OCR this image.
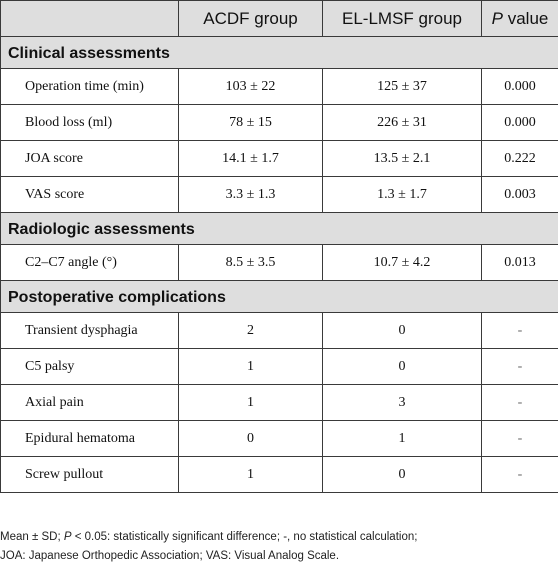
	ACDF group	EL-LMSF group	P value
Clinical assessments			
Operation time (min)	103 ± 22	125 ± 37	0.000
Blood loss (ml)	78 ± 15	226 ± 31	0.000
JOA score	14.1 ± 1.7	13.5 ± 2.1	0.222
VAS score	3.3 ± 1.3	1.3 ± 1.7	0.003
Radiologic assessments			
C2–C7 angle (°)	8.5 ± 3.5	10.7 ± 4.2	0.013
Postoperative complications			
Transient dysphagia	2	0	-
C5 palsy	1	0	-
Axial pain	1	3	-
Epidural hematoma	0	1	-
Screw pullout	1	0	-
Mean ± SD; P < 0.05: statistically significant difference; -, no statistical calculation;
JOA: Japanese Orthopedic Association; VAS: Visual Analog Scale.
